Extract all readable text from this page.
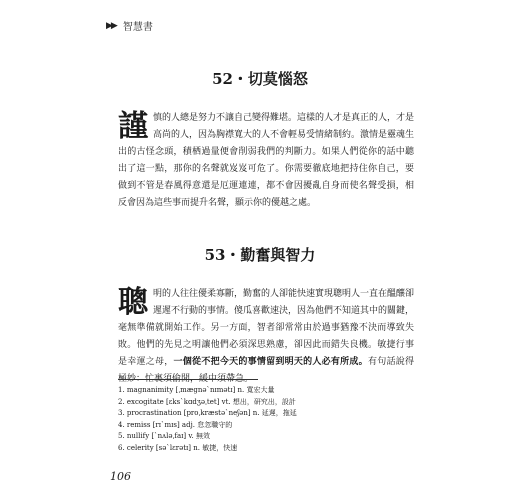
▶▶ 智慧書
52・切莫惱怒
謹慎的人總是努力不讓自己變得難堪。這樣的人才是真正的人，才是高尚的人，因為胸襟寬大的人不會輕易受情緒制約。激情是靈魂生出的古怪念頭，積栖過量便會削弱我們的判斷力。如果人們從你的話中聽出了這一點，那你的名聲就岌岌可危了。你需要徹底地把持住你自己，要做到不管是春風得意還是厄運連連，都不會因擾亂自身而使名聲受損，相反會因為這些事而提升名聲，顯示你的優越之處。
53・勤奮與智力
聰明的人往往優柔寡斷，勤奮的人卻能快速實現聰明人一直在醞釀卻遲遲不行動的事情。傻瓜喜歡速決，因為他們不知道其中的關鍵，毫無準備就開始工作。另一方面，智者卻常常由於過事猶豫不決而導致失敗。他們的先見之明讓他們必須深思熟慮，卻因此而錯失良機。敏捷行事是幸運之母，一個從不把今天的事情留到明天的人必有所成。有句話說得極妙：忙裏須偷閒，緩中須帶急。
1. magnanimity [ˌmægnəˋnɪmətɪ] n. 寬宏大量
2. excogitate [ɛksˋkɑdʒəˌtet] vt. 想出，研究出，設計
3. procrastination [proˌkræstəˋneʃən] n. 延遲，拖延
4. remiss [rɪˋmɪs] adj. 怠忽職守的
5. nullify [ˋnʌləˌfaɪ] v. 無效
6. celerity [səˋlɛrətɪ] n. 敏捷，快速
106
